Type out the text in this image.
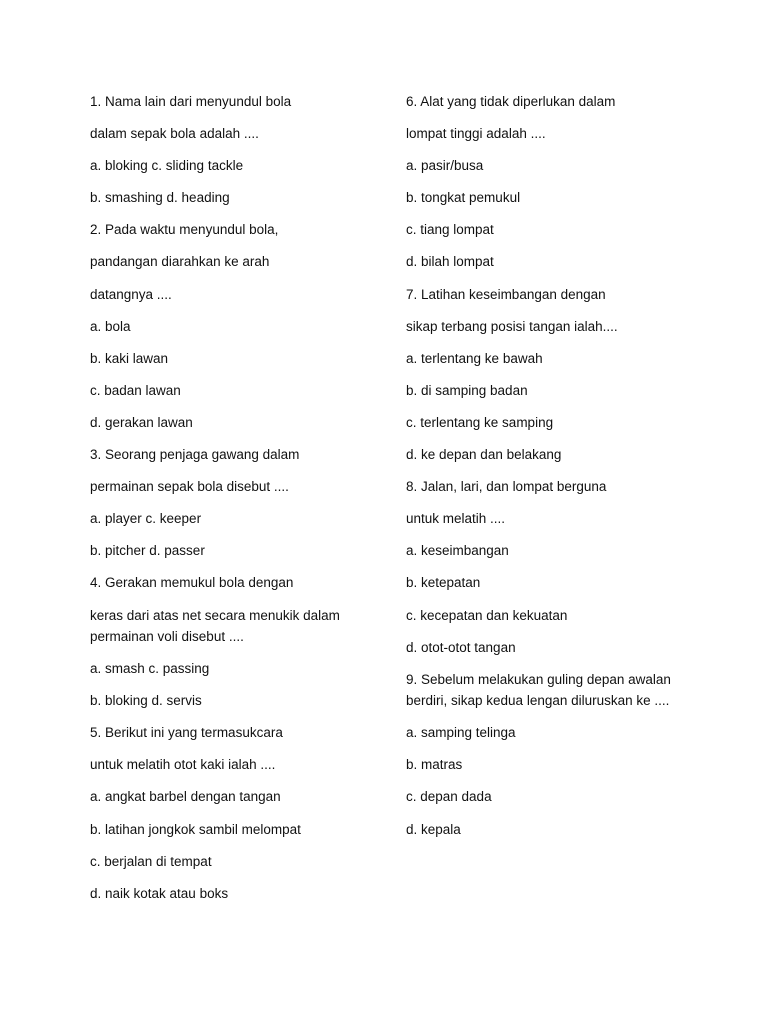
1. Nama lain dari menyundul bola
dalam sepak bola adalah ....
a. bloking c. sliding tackle
b. smashing d. heading
2. Pada waktu menyundul bola,
pandangan diarahkan ke arah
datangnya ....
a. bola
b. kaki lawan
c. badan lawan
d. gerakan lawan
3. Seorang penjaga gawang dalam
permainan sepak bola disebut ....
a. player c. keeper
b. pitcher d. passer
4. Gerakan memukul bola dengan
keras dari atas net secara menukik dalam permainan voli disebut ....
a. smash c. passing
b. bloking d. servis
5. Berikut ini yang termasukcara
untuk melatih otot kaki ialah ....
a. angkat barbel dengan tangan
b. latihan jongkok sambil melompat
c. berjalan di tempat
d. naik kotak atau boks
6. Alat yang tidak diperlukan dalam
lompat tinggi adalah ....
a. pasir/busa
b. tongkat pemukul
c. tiang lompat
d. bilah lompat
7. Latihan keseimbangan dengan
sikap terbang posisi tangan ialah....
a. terlentang ke bawah
b. di samping badan
c. terlentang ke samping
d. ke depan dan belakang
8. Jalan, lari, dan lompat berguna
untuk melatih ....
a. keseimbangan
b. ketepatan
c. kecepatan dan kekuatan
d. otot-otot tangan
9. Sebelum melakukan guling depan awalan berdiri, sikap kedua lengan diluruskan ke ....
a. samping telinga
b. matras
c. depan dada
d. kepala
